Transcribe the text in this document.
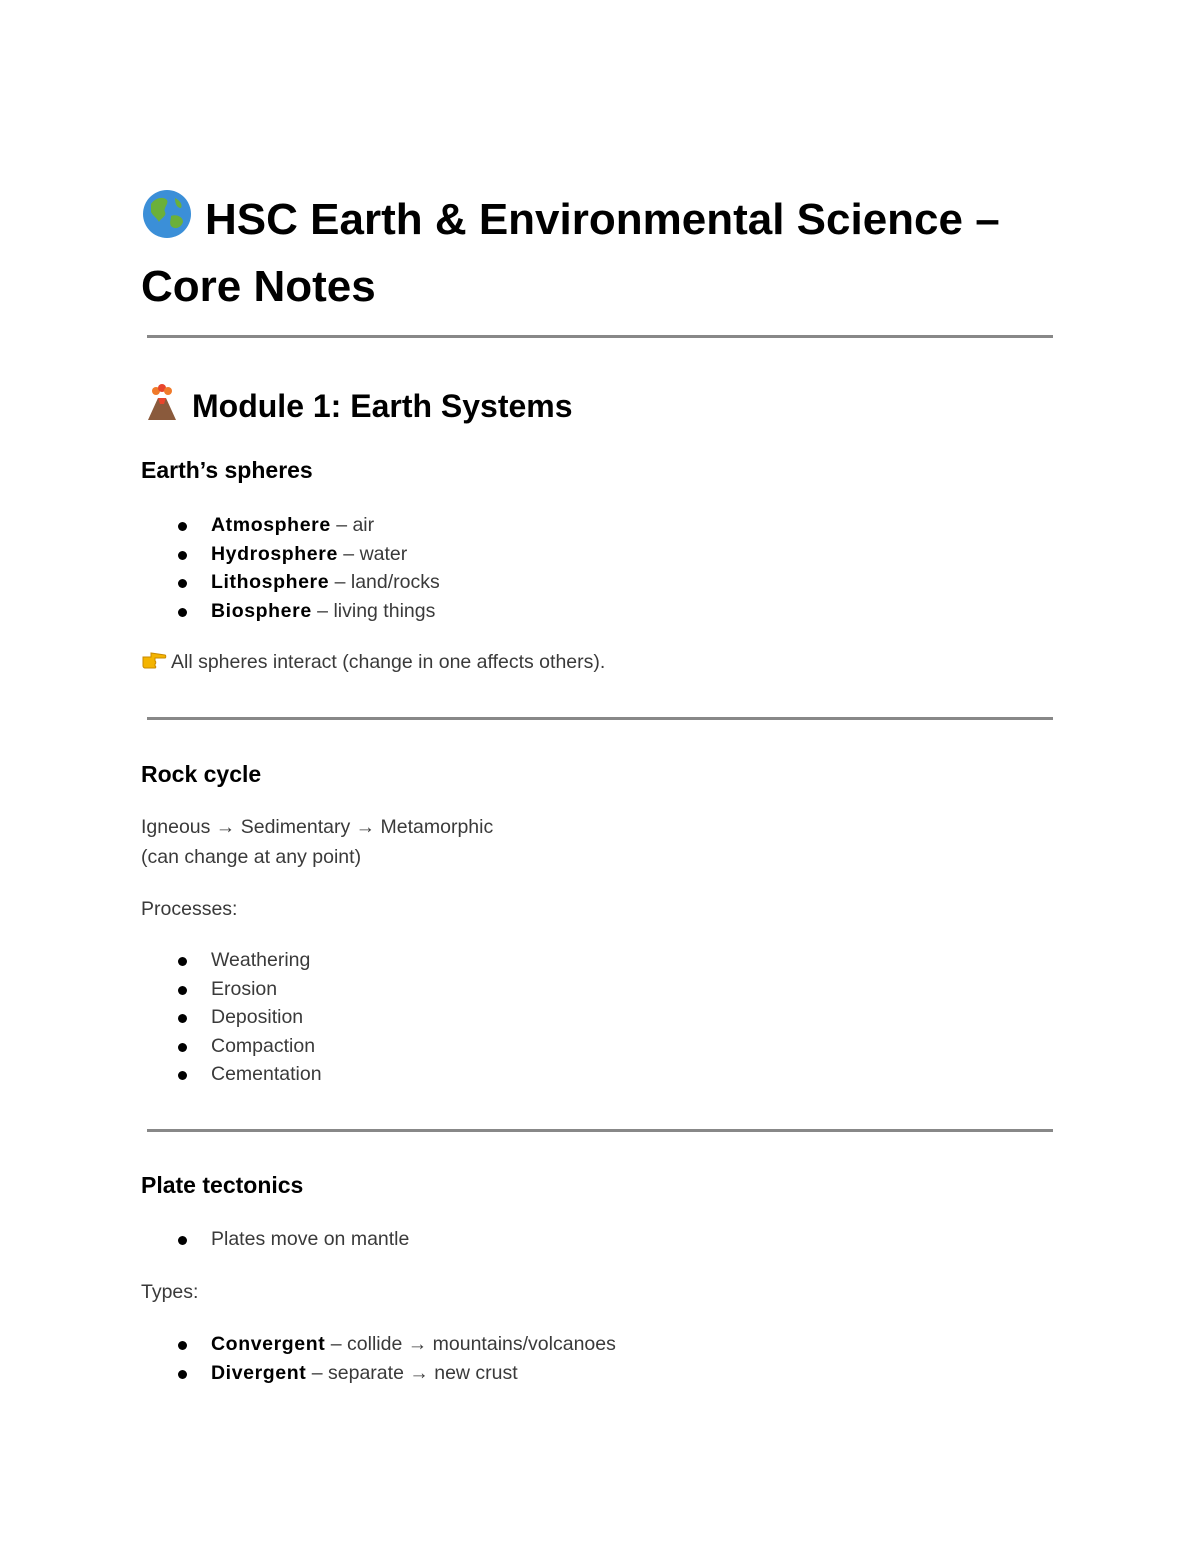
HSC Earth & Environmental Science –
Core Notes
Module 1: Earth Systems
Earth’s spheres
Atmosphere – air
Hydrosphere – water
Lithosphere – land/rocks
Biosphere – living things
All spheres interact (change in one affects others).
Rock cycle
Igneous → Sedimentary → Metamorphic
(can change at any point)
Processes:
Weathering
Erosion
Deposition
Compaction
Cementation
Plate tectonics
Plates move on mantle
Types:
Convergent – collide → mountains/volcanoes
Divergent – separate → new crust
